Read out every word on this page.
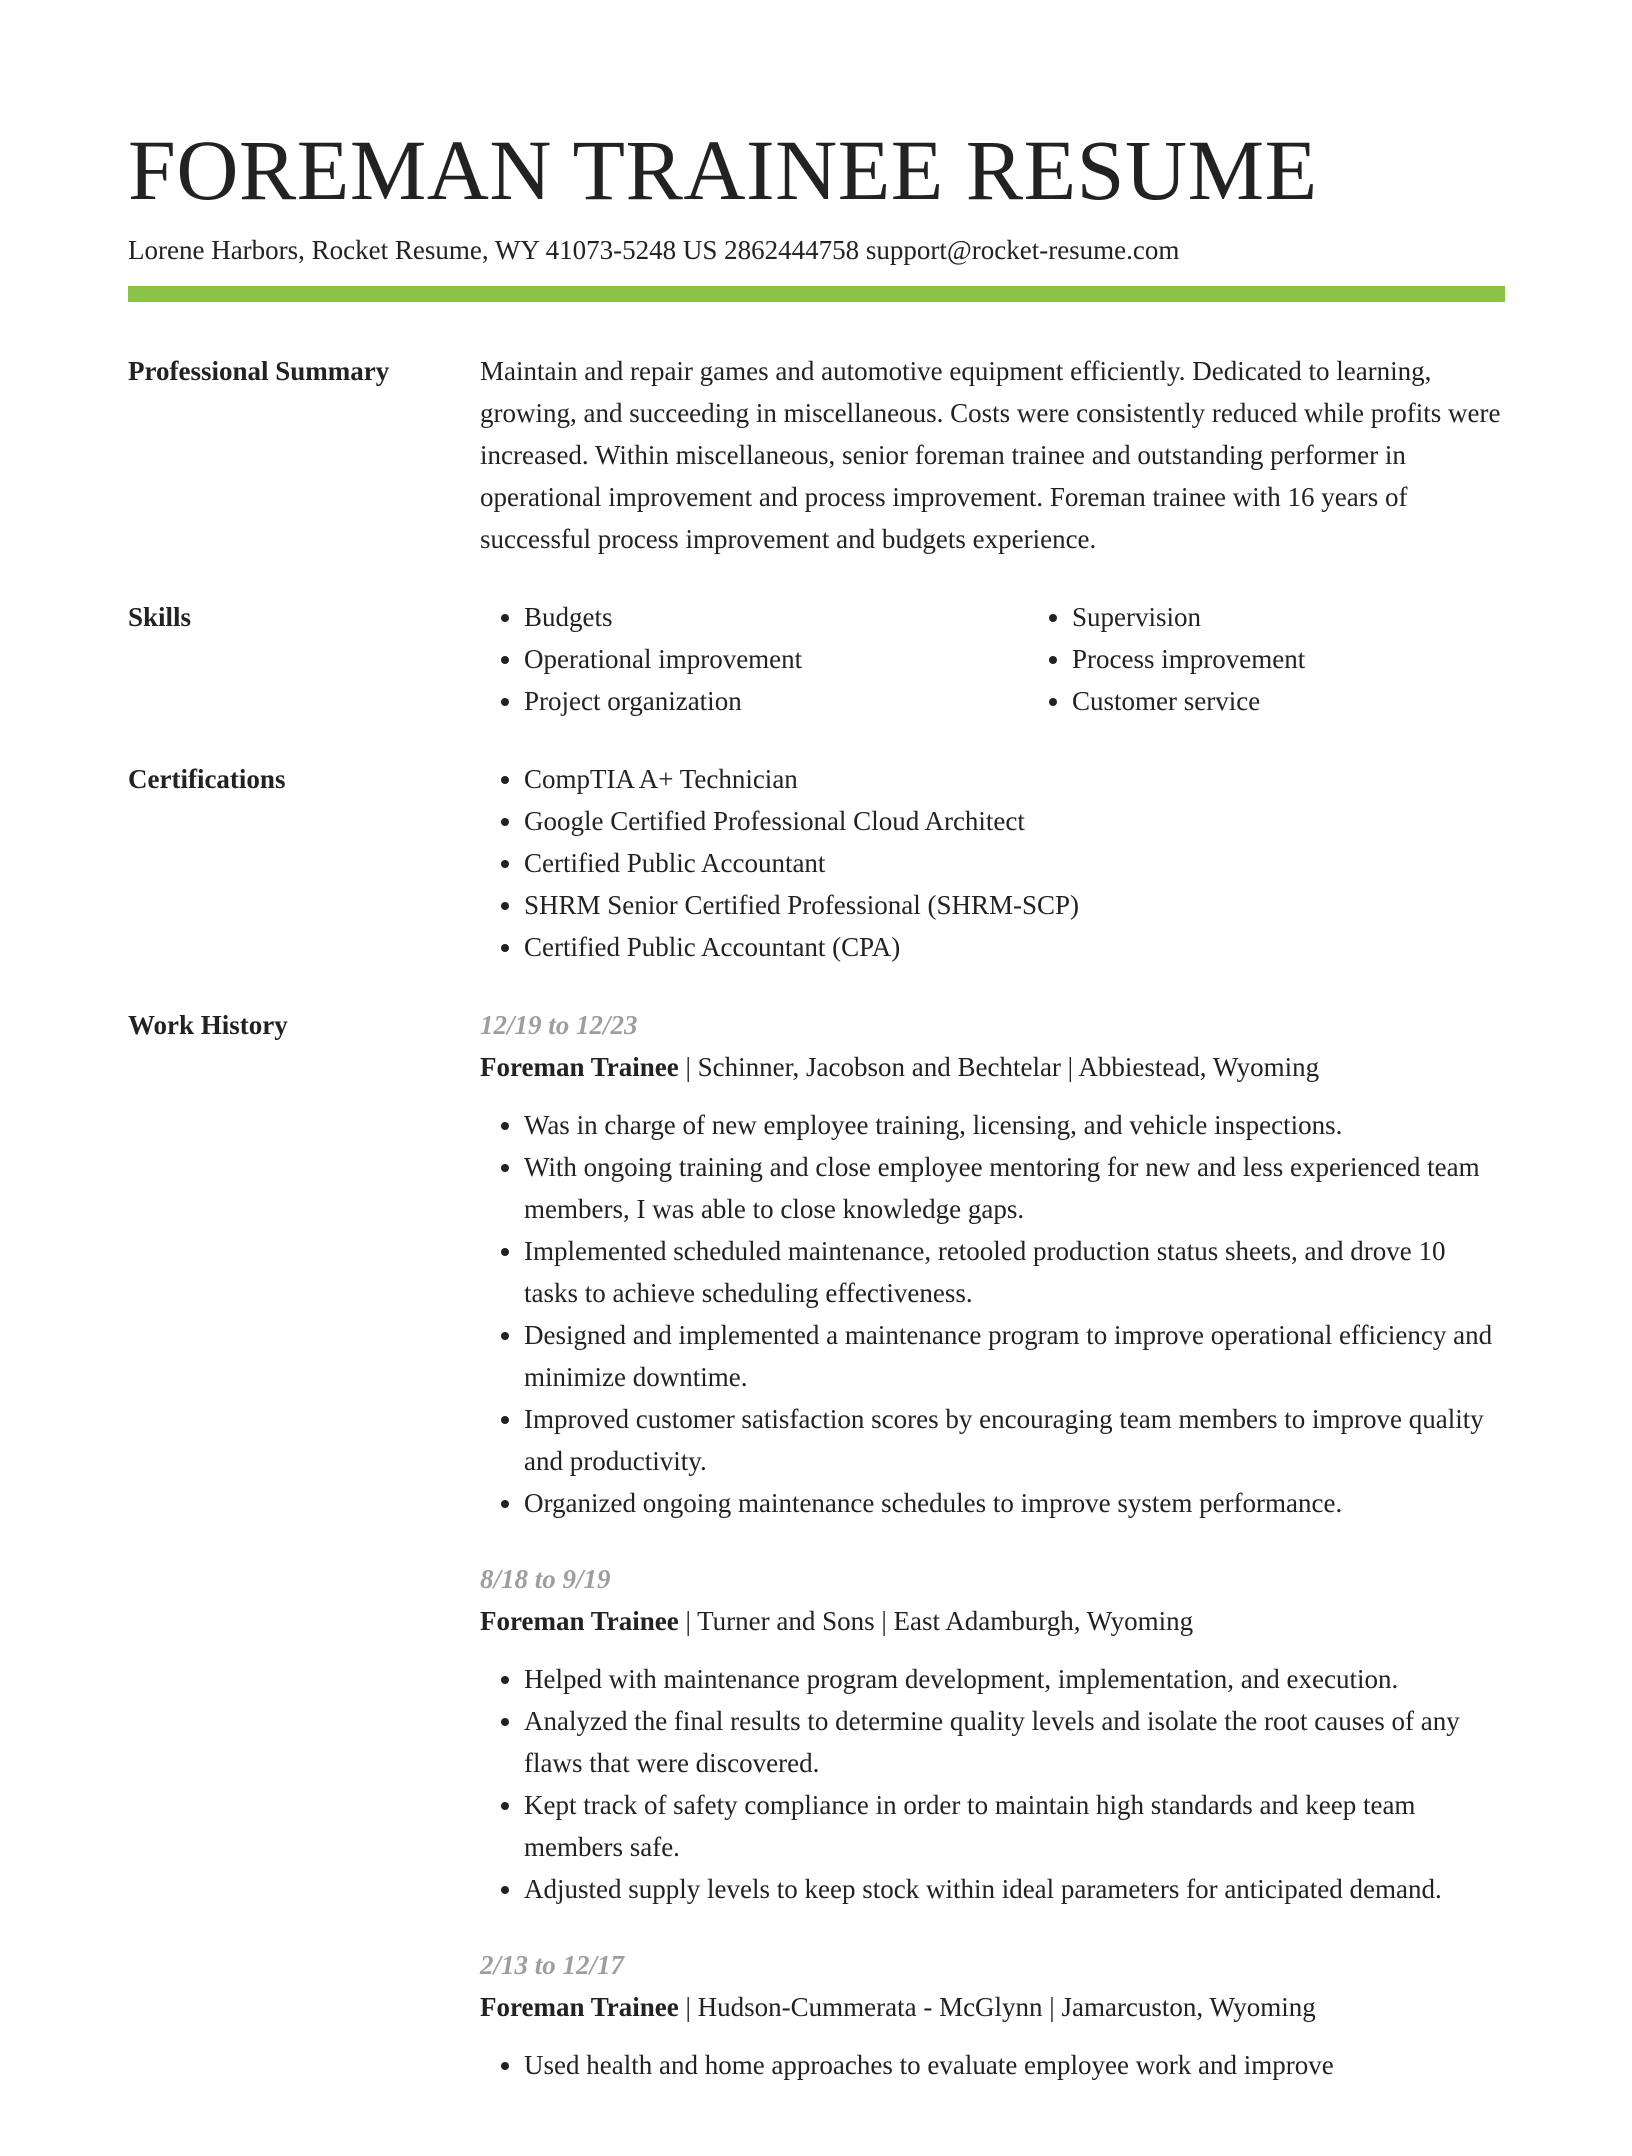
FOREMAN TRAINEE RESUME
Lorene Harbors, Rocket Resume, WY 41073-5248 US 2862444758 support@rocket-resume.com
Professional Summary	Maintain and repair games and automotive equipment efficiently. Dedicated to learning, growing, and succeeding in miscellaneous. Costs were consistently reduced while profits were increased. Within miscellaneous, senior foreman trainee and outstanding performer in operational improvement and process improvement. Foreman trainee with 16 years of successful process improvement and budgets experience.

Skills	• Budgets
• Operational improvement
• Project organization
• Supervision
• Process improvement
• Customer service
Certifications	• CompTIA A+ Technician
• Google Certified Professional Cloud Architect
• Certified Public Accountant
• SHRM Senior Certified Professional (SHRM-SCP)
• Certified Public Accountant (CPA)
Work History	12/19 to 12/23
Foreman Trainee | Schinner, Jacobson and Bechtelar | Abbiestead, Wyoming
• Was in charge of new employee training, licensing, and vehicle inspections.
• With ongoing training and close employee mentoring for new and less experienced team members, I was able to close knowledge gaps.
• Implemented scheduled maintenance, retooled production status sheets, and drove 10 tasks to achieve scheduling effectiveness.
• Designed and implemented a maintenance program to improve operational efficiency and minimize downtime.
• Improved customer satisfaction scores by encouraging team members to improve quality and productivity.
• Organized ongoing maintenance schedules to improve system performance.
8/18 to 9/19
Foreman Trainee | Turner and Sons | East Adamburgh, Wyoming
• Helped with maintenance program development, implementation, and execution.
• Analyzed the final results to determine quality levels and isolate the root causes of any flaws that were discovered.
• Kept track of safety compliance in order to maintain high standards and keep team members safe.
• Adjusted supply levels to keep stock within ideal parameters for anticipated demand.
2/13 to 12/17
Foreman Trainee | Hudson-Cummerata - McGlynn | Jamarcuston, Wyoming
• Used health and home approaches to evaluate employee work and improve
